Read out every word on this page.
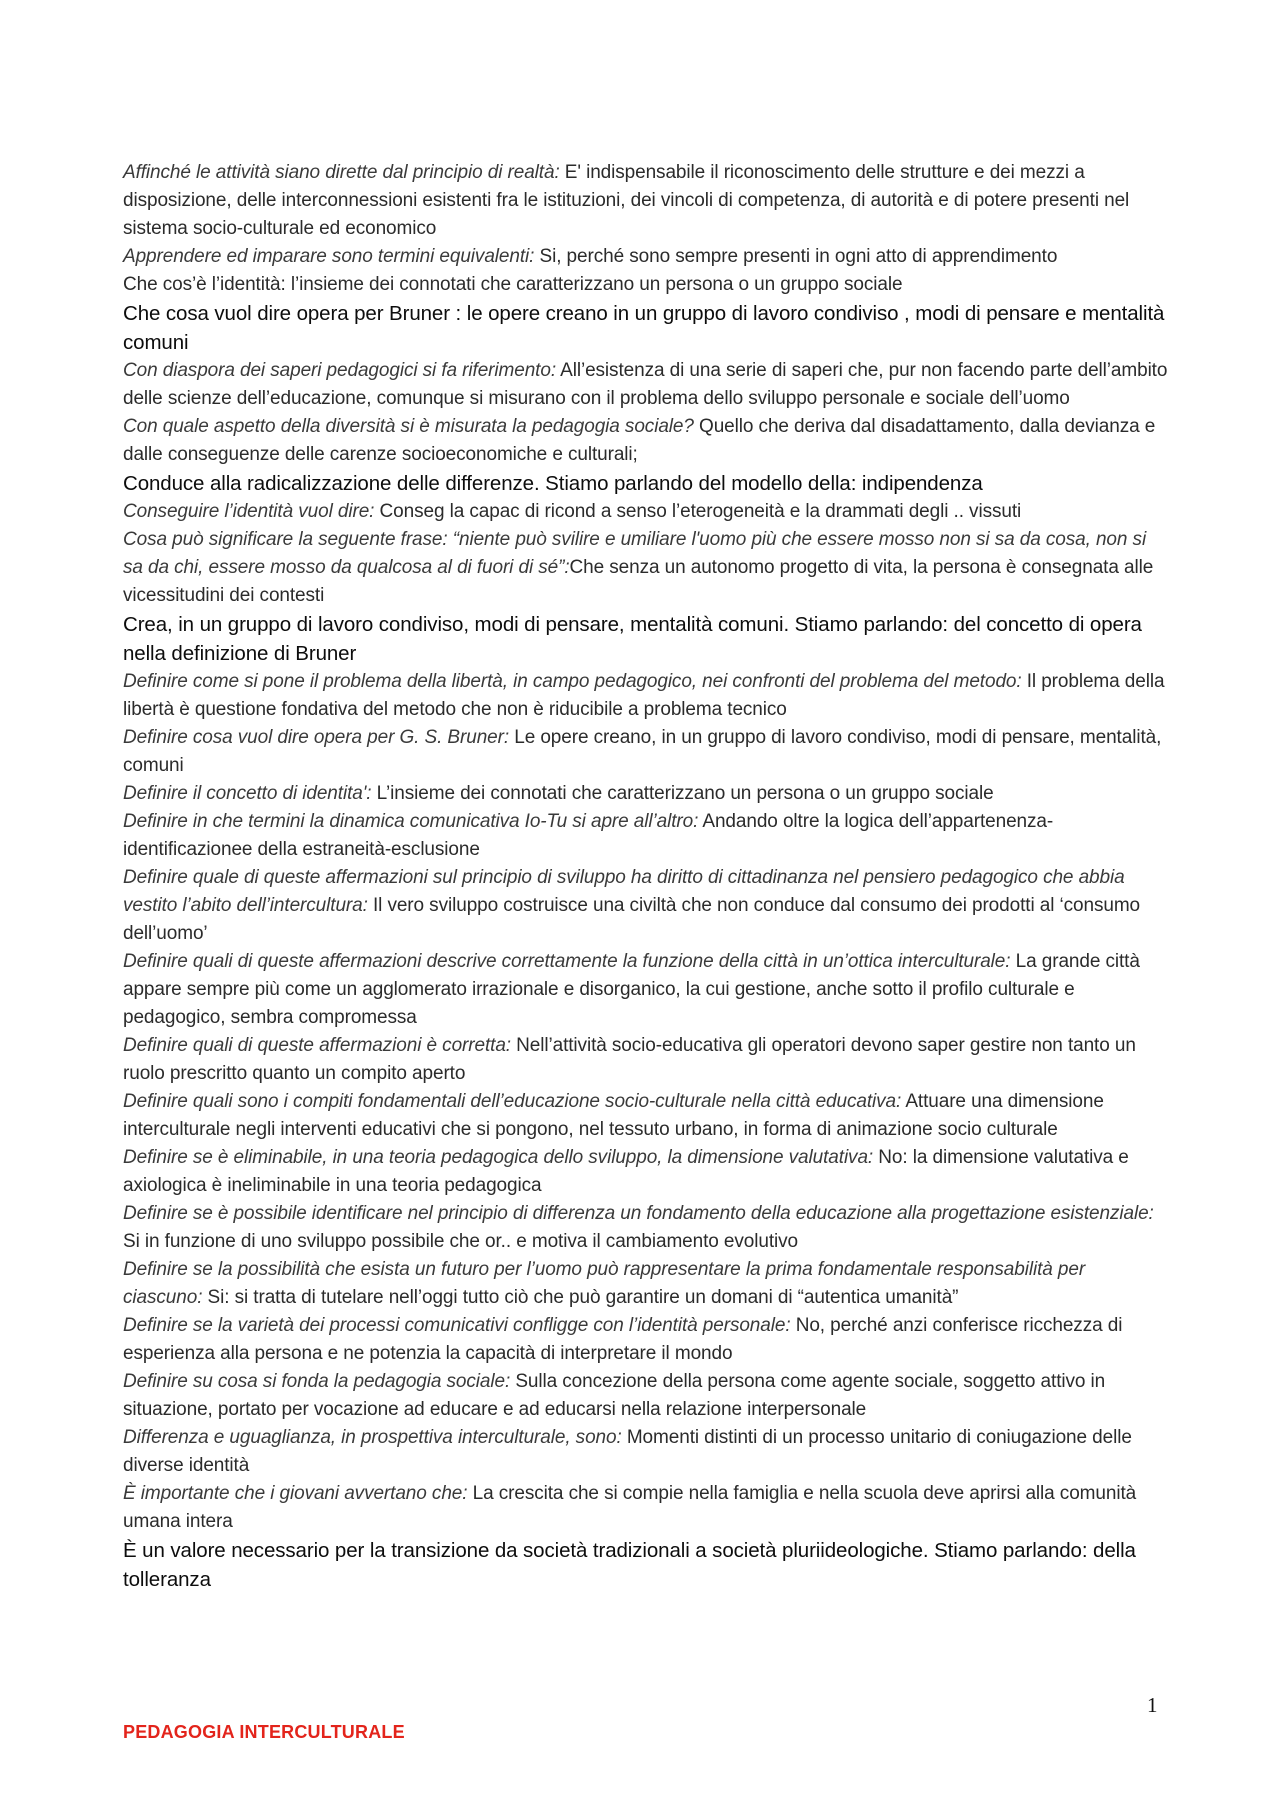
Affinché le attività siano dirette dal principio di realtà: E' indispensabile il riconoscimento delle strutture e dei mezzi a disposizione, delle interconnessioni esistenti fra le istituzioni, dei vincoli di competenza, di autorità e di potere presenti nel sistema socio-culturale ed economico
Apprendere ed imparare sono termini equivalenti: Si, perché sono sempre presenti in ogni atto di apprendimento
Che cos’è l’identità: l’insieme dei connotati che caratterizzano un persona o un gruppo sociale
Che cosa vuol dire opera per Bruner : le opere creano in un gruppo di lavoro condiviso , modi di pensare e mentalità comuni
Con diaspora dei saperi pedagogici si fa riferimento: All’esistenza di una serie di saperi che, pur non facendo parte dell’ambito delle scienze dell’educazione, comunque si misurano con il problema dello sviluppo personale e sociale dell’uomo
Con quale aspetto della diversità si è misurata la pedagogia sociale? Quello che deriva dal disadattamento, dalla devianza e dalle conseguenze delle carenze socioeconomiche e culturali;
Conduce alla radicalizzazione delle differenze. Stiamo parlando del modello della: indipendenza
Conseguire l’identità vuol dire: Conseg la capac di ricond a senso l’eterogeneità e la drammati degli .. vissuti
Cosa può significare la seguente frase: “niente può svilire e umiliare l'uomo più che essere mosso non si sa da cosa, non si sa da chi, essere mosso da qualcosa al di fuori di sé”:Che senza un autonomo progetto di vita, la persona è consegnata alle vicessitudini dei contesti
Crea, in un gruppo di lavoro condiviso, modi di pensare, mentalità comuni. Stiamo parlando: del concetto di opera nella definizione di Bruner
Definire come si pone il problema della libertà, in campo pedagogico, nei confronti del problema del metodo: Il problema della libertà è questione fondativa del metodo che non è riducibile a problema tecnico
Definire cosa vuol dire opera per G. S. Bruner: Le opere creano, in un gruppo di lavoro condiviso, modi di pensare, mentalità, comuni
Definire il concetto di identita': L’insieme dei connotati che caratterizzano un persona o un gruppo sociale
Definire in che termini la dinamica comunicativa Io-Tu si apre all’altro: Andando oltre la logica dell’appartenenza-identificazionee della estraneità-esclusione
Definire quale di queste affermazioni sul principio di sviluppo ha diritto di cittadinanza nel pensiero pedagogico che abbia vestito l’abito dell’intercultura: Il vero sviluppo costruisce una civiltà che non conduce dal consumo dei prodotti al ‘consumo dell’uomo’
Definire quali di queste affermazioni descrive correttamente la funzione della città in un’ottica interculturale: La grande città appare sempre più come un agglomerato irrazionale e disorganico, la cui gestione, anche sotto il profilo culturale e pedagogico, sembra compromessa
Definire quali di queste affermazioni è corretta: Nell’attività socio-educativa gli operatori devono saper gestire non tanto un ruolo prescritto quanto un compito aperto
Definire quali sono i compiti fondamentali dell’educazione socio-culturale nella città educativa: Attuare una dimensione interculturale negli interventi educativi che si pongono, nel tessuto urbano, in forma di animazione socio culturale
Definire se è eliminabile, in una teoria pedagogica dello sviluppo, la dimensione valutativa: No: la dimensione valutativa e axiologica è ineliminabile in una teoria pedagogica
Definire se è possibile identificare nel principio di differenza un fondamento della educazione alla progettazione esistenziale: Si in funzione di uno sviluppo possibile che or.. e motiva il cambiamento evolutivo
Definire se la possibilità che esista un futuro per l’uomo può rappresentare la prima fondamentale responsabilità per ciascuno: Si: si tratta di tutelare nell’oggi tutto ciò che può garantire un domani di “autentica umanità”
Definire se la varietà dei processi comunicativi confligge con l’identità personale: No, perché anzi conferisce ricchezza di esperienza alla persona e ne potenzia la capacità di interpretare il mondo
Definire su cosa si fonda la pedagogia sociale: Sulla concezione della persona come agente sociale, soggetto attivo in situazione, portato per vocazione ad educare e ad educarsi nella relazione interpersonale
Differenza e uguaglianza, in prospettiva interculturale, sono: Momenti distinti di un processo unitario di coniugazione delle diverse identità
È importante che i giovani avvertano che: La crescita che si compie nella famiglia e nella scuola deve aprirsi alla comunità umana intera
È un valore necessario per la transizione da società tradizionali a società pluriideologiche. Stiamo parlando: della tolleranza
1
PEDAGOGIA INTERCULTURALE
